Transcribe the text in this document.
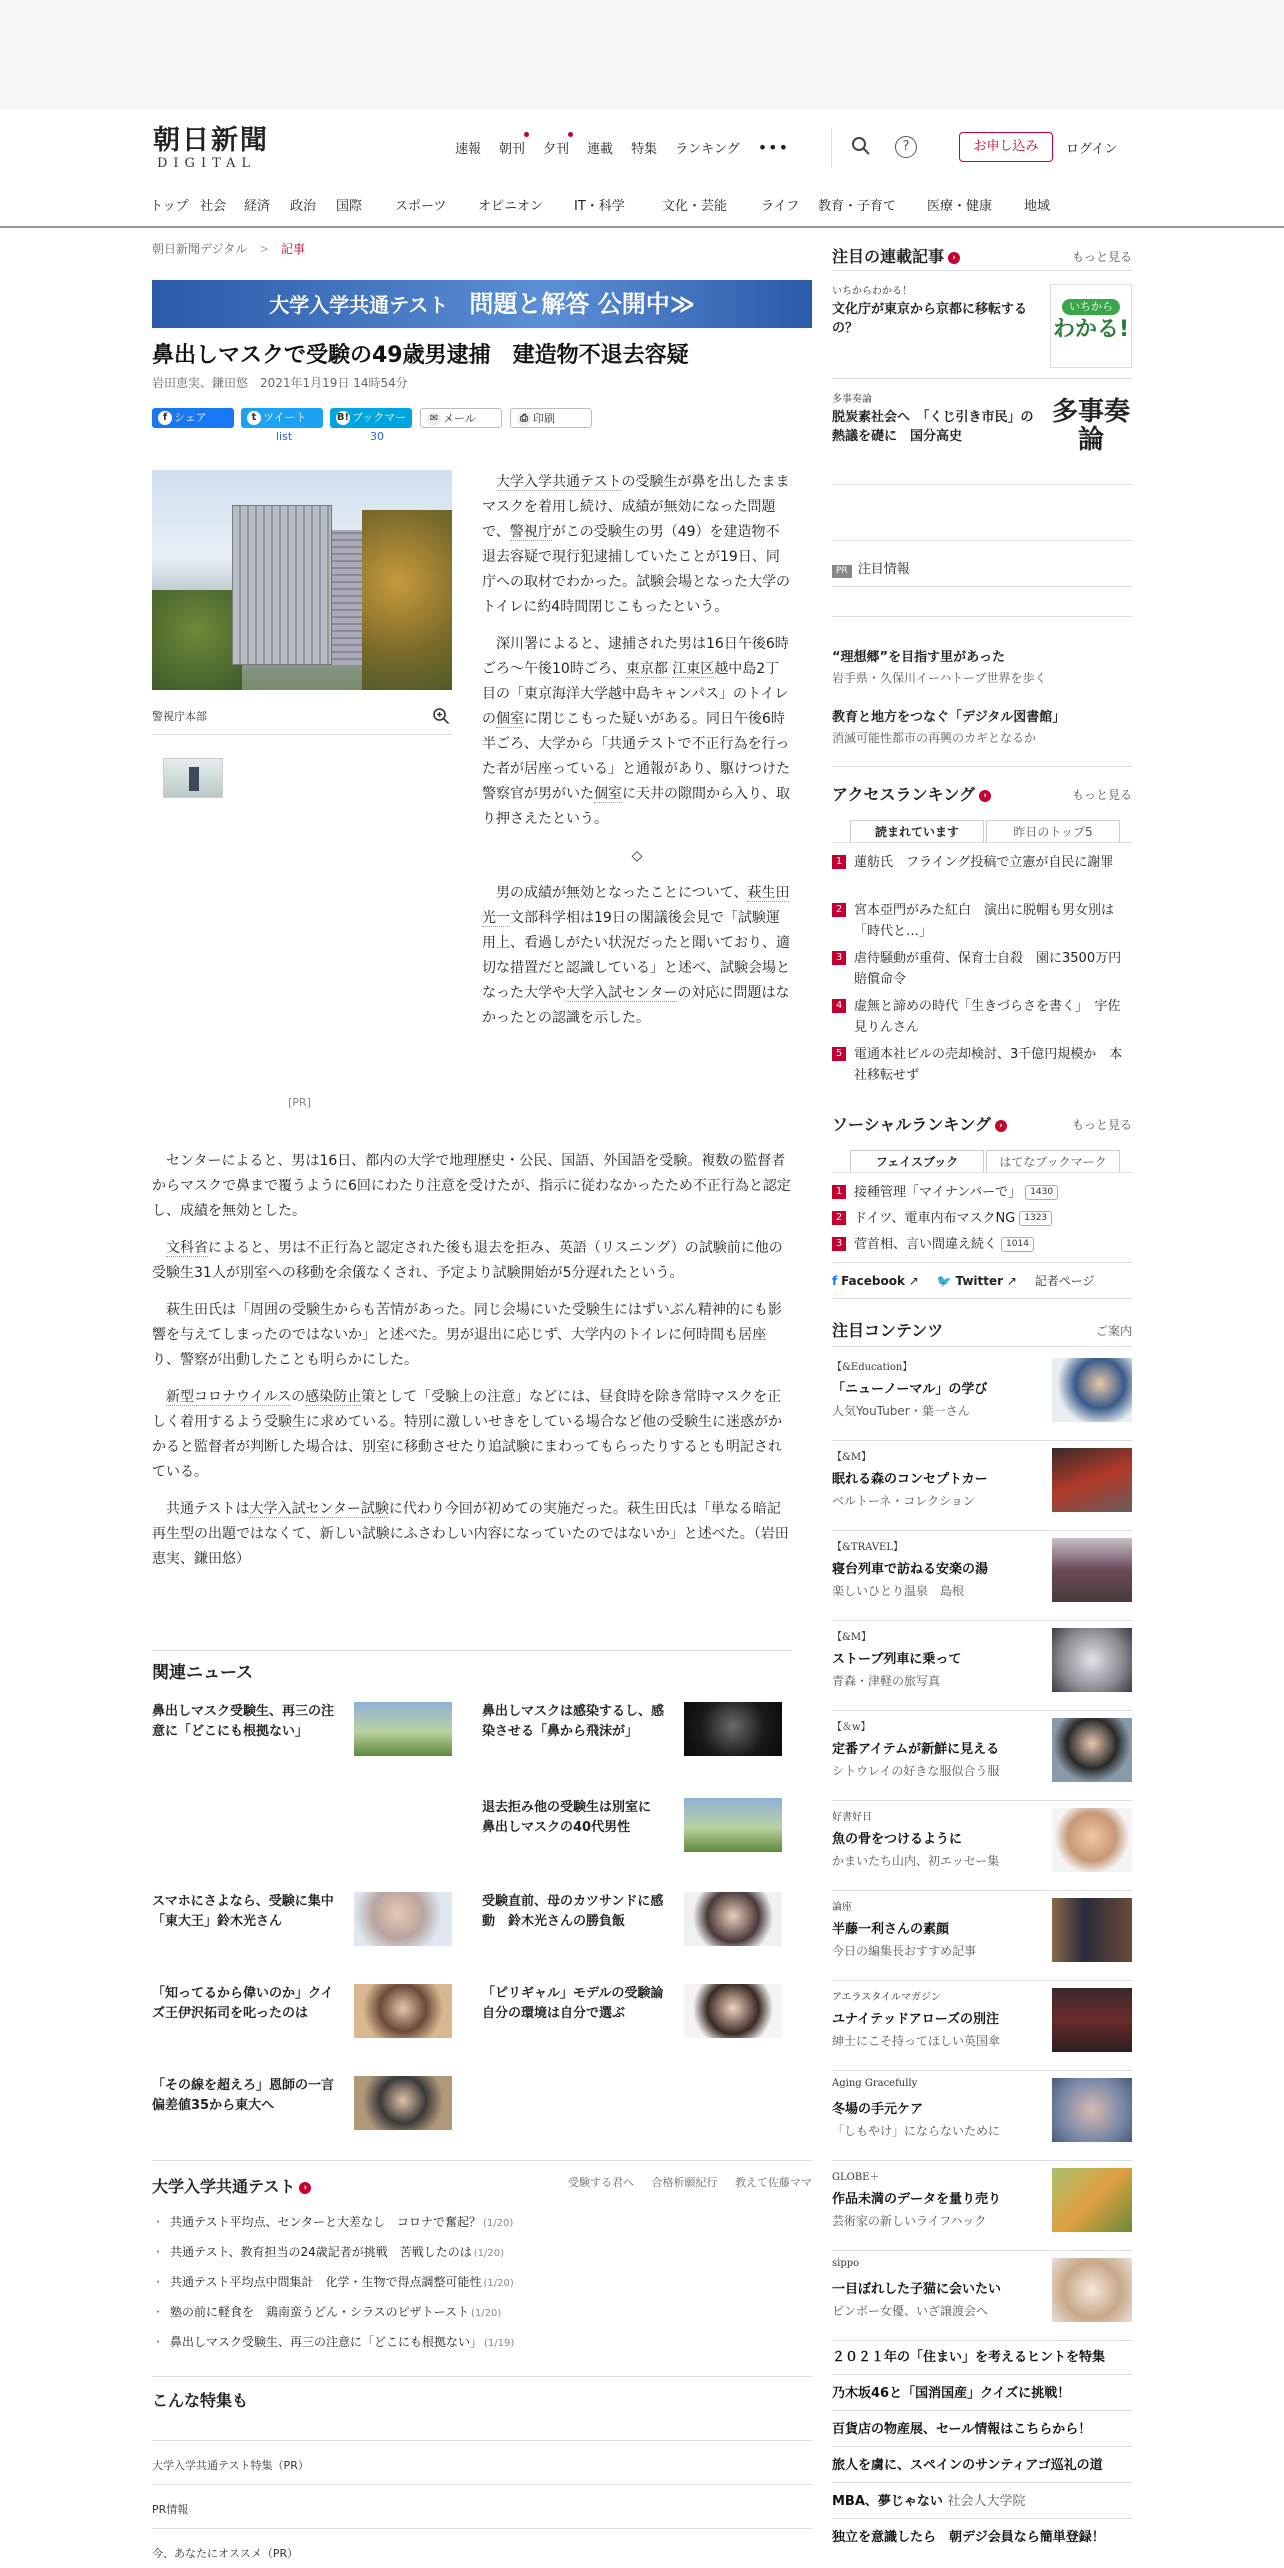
朝日新聞
DIGITAL
速報 朝刊 夕刊 連載 特集 ランキング •••	?	お申し込み	ログイン
トップ 社会	経済	政治	国際	スポーツ	オピニオン	IT・科学	文化・芸能	ライフ	教育・子育て	医療・健康	地域
朝日新聞デジタル > 記事
大学入学共通テスト 問題と解答 公開中≫
鼻出しマスクで受験の49歳男逮捕　建造物不退去容疑
岩田恵実、鎌田悠　2021年1月19日 14時54分
f シェア	t ツイート
list
B! ブックマーク 30
✉ メール	⎙ 印刷
警視庁本部
[PR]

大学入学共通テストの受験生が鼻を出したままマスクを着用し続け、成績が無効になった問題で、警視庁がこの受験生の男（49）を建造物不退去容疑で現行犯逮捕していたことが19日、同庁への取材でわかった。試験会場となった大学のトイレに約4時間閉じこもったという。

深川署によると、逮捕された男は16日午後6時ごろ～午後10時ごろ、東京都 江東区越中島2丁目の「東京海洋大学越中島キャンパス」のトイレの個室に閉じこもった疑いがある。同日午後6時半ごろ、大学から「共通テストで不正行為を行った者が居座っている」と通報があり、駆けつけた警察官が男がいた個室に天井の隙間から入り、取り押さえたという。

◇

男の成績が無効となったことについて、萩生田光一文部科学相は19日の閣議後会見で「試験運用上、看過しがたい状況だったと聞いており、適切な措置だと認識している」と述べ、試験会場となった大学や大学入試センターの対応に問題はなかったとの認識を示した。

センターによると、男は16日、都内の大学で地理歴史・公民、国語、外国語を受験。複数の監督者からマスクで鼻まで覆うように6回にわたり注意を受けたが、指示に従わなかったため不正行為と認定し、成績を無効とした。

文科省によると、男は不正行為と認定された後も退去を拒み、英語（リスニング）の試験前に他の受験生31人が別室への移動を余儀なくされ、予定より試験開始が5分遅れたという。

萩生田氏は「周囲の受験生からも苦情があった。同じ会場にいた受験生にはずいぶん精神的にも影響を与えてしまったのではないか」と述べた。男が退出に応じず、大学内のトイレに何時間も居座り、警察が出動したことも明らかにした。

新型コロナウイルスの感染防止策として「受験上の注意」などには、昼食時を除き常時マスクを正しく着用するよう受験生に求めている。特別に激しいせきをしている場合など他の受験生に迷惑がかかると監督者が判断した場合は、別室に移動させたり追試験にまわってもらったりするとも明記されている。

共通テストは大学入試センター試験に代わり今回が初めての実施だった。萩生田氏は「単なる暗記再生型の出題ではなくて、新しい試験にふさわしい内容になっていたのではないか」と述べた。（岩田恵実、鎌田悠）

関連ニュース
鼻出しマスク受験生、再三の注意に「どこにも根拠ない」
鼻出しマスクは感染するし、感染させる「鼻から飛沫が」
退去拒み他の受験生は別室に　鼻出しマスクの40代男性
スマホにさよなら、受験に集中　「東大王」鈴木光さん
受験直前、母のカツサンドに感動　鈴木光さんの勝負飯
「知ってるから偉いのか」クイズ王伊沢拓司を叱ったのは
「ピリギャル」モデルの受験論　自分の環境は自分で選ぶ
「その線を超えろ」恩師の一言　偏差値35から東大へ
大学入学共通テスト ›	受験する君へ 合格析願紀行 教えて佐藤ママ
・ 共通テスト平均点、センターと大差なし　コロナで奮起？ (1/20)
・ 共通テスト、教育担当の24歳記者が挑戦　苦戦したのは (1/20)
・ 共通テスト平均点中間集計　化学・生物で得点調整可能性 (1/20)
・ 塾の前に軽食を　鶏南蛮うどん・シラスのピザトースト (1/20)
・ 鼻出しマスク受験生、再三の注意に「どこにも根拠ない」 (1/19)
こんな特集も
大学入学共通テスト特集（PR）
PR情報
今、あなたにオススメ（PR）
注目の連載記事 ›	もっと見る
いちからわかる！
文化庁が東京から京都に移転するの？
いちから
わかる!
多事奏論
脱炭素社会へ　「くじ引き市民」の熱議を礎に　国分高史
多事奏論
PR 注目情報
“理想郷”を目指す里があった
岩手県・久保川イーハトーブ世界を歩く
教育と地方をつなぐ「デジタル図書館」
消滅可能性都市の再興のカギとなるか
アクセスランキング ›	もっと見る
読まれています	昨日のトップ5
1 蓮舫氏　フライング投稿で立憲が自民に謝罪
2 宮本亞門がみた紅白　演出に脱帽も男女別は「時代と…」
3 虐待騒動が重荷、保育士自殺　園に3500万円賠償命令
4 虚無と諦めの時代「生きづらさを書く」　宇佐見りんさん
5 電通本社ビルの売却検討、3千億円規模か　本社移転せず
ソーシャルランキング ›	もっと見る
フェイスブック	はてなブックマーク
1 接種管理「マイナンバーで」 1430
2 ドイツ、電車内布マスクNG 1323
3 菅首相、言い間違え続く 1014
f Facebook ↗ 🐦 Twitter ↗ 記者ページ
注目コンテンツ	ご案内
【&Education】
「ニューノーマル」の学び
人気YouTuber・葉一さん
【&M】
眠れる森のコンセプトカー
ベルトーネ・コレクション
【&TRAVEL】
寝台列車で訪ねる安楽の湯
楽しいひとり温泉　島根
【&M】
ストーブ列車に乗って
青森・津軽の旅写真
【＆w】
定番アイテムが新鮮に見える
シトウレイの好きな服似合う服
好書好日
魚の骨をつけるように
かまいたち山内、初エッセー集
論座
半藤一利さんの素顔
今日の編集長おすすめ記事
アエラスタイルマガジン
ユナイテッドアローズの別注
紳士にこそ持ってほしい英国傘
Aging Gracefully
冬場の手元ケア
「しもやけ」にならないために
GLOBE＋
作品未満のデータを量り売り
芸術家の新しいライフハック
sippo
一目ぼれした子猫に会いたい
ビンボー女優、いざ譲渡会へ
２０２１年の「住まい」を考えるヒントを特集
乃木坂46と「国消国産」クイズに挑戦！
百貨店の物産展、セール情報はこちらから！
旅人を虜に、スペインのサンティアゴ巡礼の道
MBA、夢じゃない 社会人大学院
独立を意識したら　朝デジ会員なら簡単登録！
